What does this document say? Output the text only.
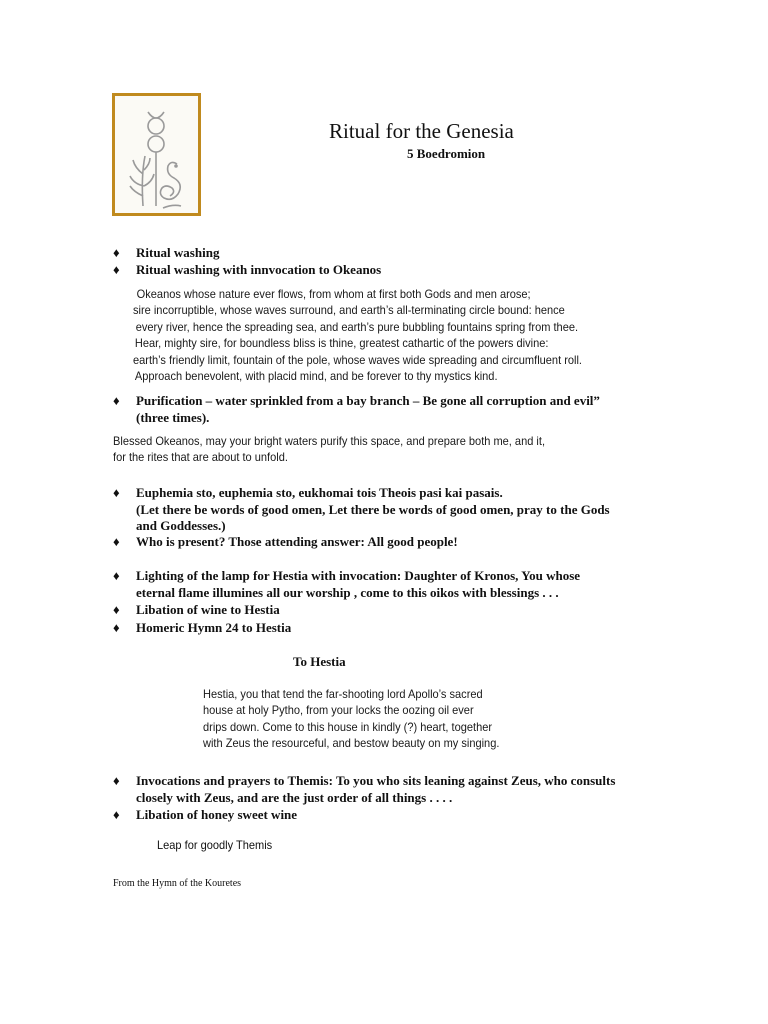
Ritual for the Genesia
5 Boedromion
♦	Ritual washing
♦	Ritual washing with innvocation to Okeanos
Okeanos whose nature ever flows, from whom at first both Gods and men arose;
sire incorruptible, whose waves surround, and earth’s all-terminating circle bound: hence
every river, hence the spreading sea, and earth’s pure bubbling fountains spring from thee.
Hear, mighty sire, for boundless bliss is thine, greatest cathartic of the powers divine:
earth’s friendly limit, fountain of the pole, whose waves wide spreading and circumfluent roll.
Approach benevolent, with placid mind, and be forever to thy mystics kind.
♦	Purification – water sprinkled from a bay branch – Be gone all corruption and evil”
(three times).
Blessed Okeanos, may your bright waters purify this space, and prepare both me, and it,
for the rites that are about to unfold.
♦	Euphemia sto, euphemia sto, eukhomai tois Theois pasi kai pasais.
(Let there be words of good omen, Let there be words of good omen, pray to the Gods
and Goddesses.)
♦	Who is present? Those attending answer: All good people!
♦	Lighting of the lamp for Hestia with invocation: Daughter of Kronos, You whose
eternal flame illumines all our worship , come to this oikos with blessings . . .
♦	Libation of wine to Hestia
♦	Homeric Hymn 24 to Hestia
To Hestia
Hestia, you that tend the far-shooting lord Apollo’s sacred
house at holy Pytho, from your locks the oozing oil ever
drips down. Come to this house in kindly (?) heart, together
with Zeus the resourceful, and bestow beauty on my singing.
♦	Invocations and prayers to Themis: To you who sits leaning against Zeus, who consults
closely with Zeus, and are the just order of all things . . . .
♦	Libation of honey sweet wine
Leap for goodly Themis
From the Hymn of the Kouretes
